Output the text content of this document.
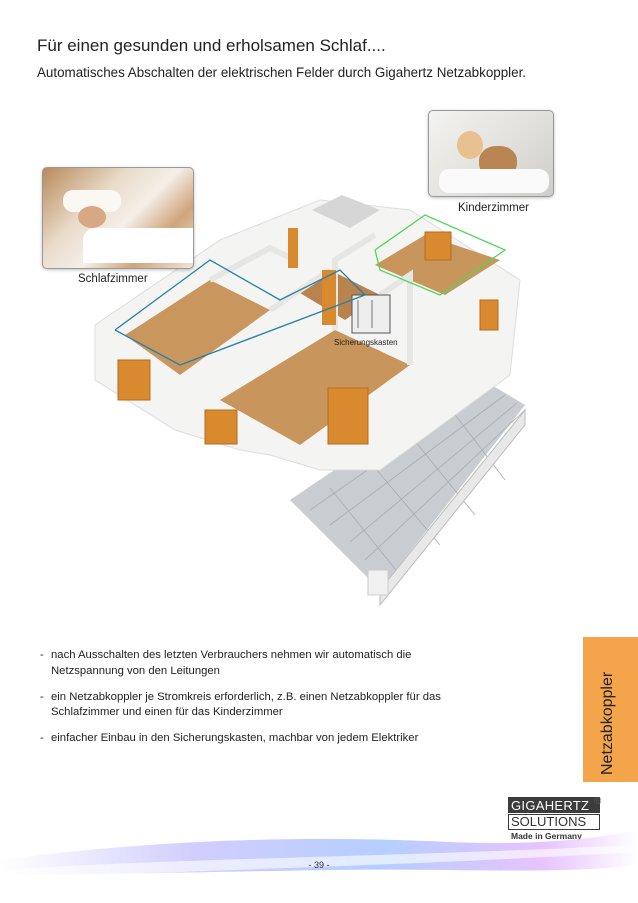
Für einen gesunden und erholsamen Schlaf....
Automatisches Abschalten der elektrischen Felder durch Gigahertz Netzabkoppler.
Sicherungskasten
Schlafzimmer
Kinderzimmer
- nach Ausschalten des letzten Verbrauchers nehmen wir automatisch die Netzspannung von den Leitungen
- ein Netzabkoppler je Stromkreis erforderlich, z.B. einen Netzabkoppler für das Schlafzimmer und einen für das Kinderzimmer
- einfacher Einbau in den Sicherungskasten, machbar von jedem Elektriker	Netzabkoppler
GIGAHERTZ
SOLUTIONS
Made in Germany
®
- 39 -
